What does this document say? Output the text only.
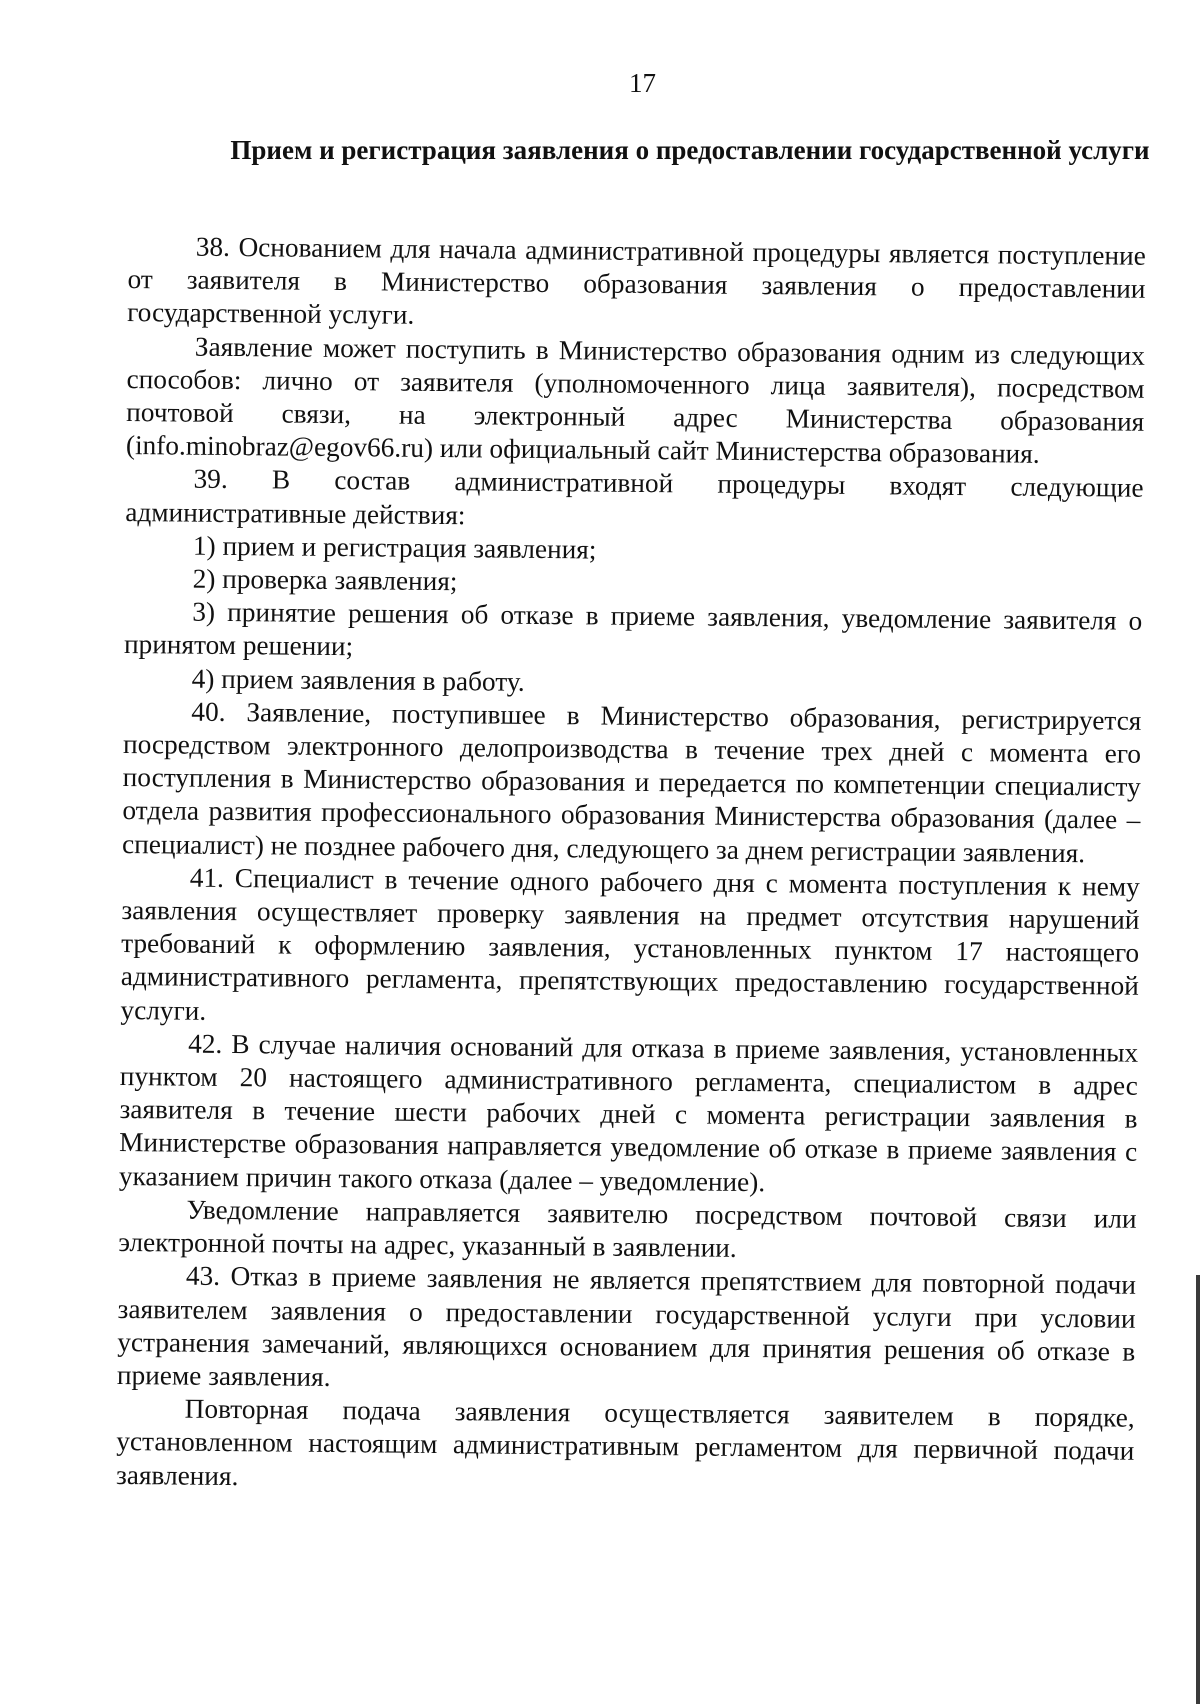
17
Прием и регистрация заявления о предоставлении государственной услуги

38. Основанием для начала административной процедуры является поступление от заявителя в Министерство образования заявления о предоставлении государственной услуги.

Заявление может поступить в Министерство образования одним из следующих способов: лично от заявителя (уполномоченного лица заявителя), посредством почтовой связи, на электронный адрес Министерства образования (info.minobraz@egov66.ru) или официальный сайт Министерства образования.

39. В состав административной процедуры входят следующие административные действия:

1) прием и регистрация заявления;

2) проверка заявления;

3) принятие решения об отказе в приеме заявления, уведомление заявителя о принятом решении;

4) прием заявления в работу.

40. Заявление, поступившее в Министерство образования, регистрируется посредством электронного делопроизводства в течение трех дней с момента его поступления в Министерство образования и передается по компетенции специалисту отдела развития профессионального образования Министерства образования (далее – специалист) не позднее рабочего дня, следующего за днем регистрации заявления.

41. Специалист в течение одного рабочего дня с момента поступления к нему заявления осуществляет проверку заявления на предмет отсутствия нарушений требований к оформлению заявления, установленных пунктом 17 настоящего административного регламента, препятствующих предоставлению государственной услуги.

42. В случае наличия оснований для отказа в приеме заявления, установленных пунктом 20 настоящего административного регламента, специалистом в адрес заявителя в течение шести рабочих дней с момента регистрации заявления в Министерстве образования направляется уведомление об отказе в приеме заявления с указанием причин такого отказа (далее – уведомление).

Уведомление направляется заявителю посредством почтовой связи или электронной почты на адрес, указанный в заявлении.

43. Отказ в приеме заявления не является препятствием для повторной подачи заявителем заявления о предоставлении государственной услуги при условии устранения замечаний, являющихся основанием для принятия решения об отказе в приеме заявления.

Повторная подача заявления осуществляется заявителем в порядке, установленном настоящим административным регламентом для первичной подачи заявления.
